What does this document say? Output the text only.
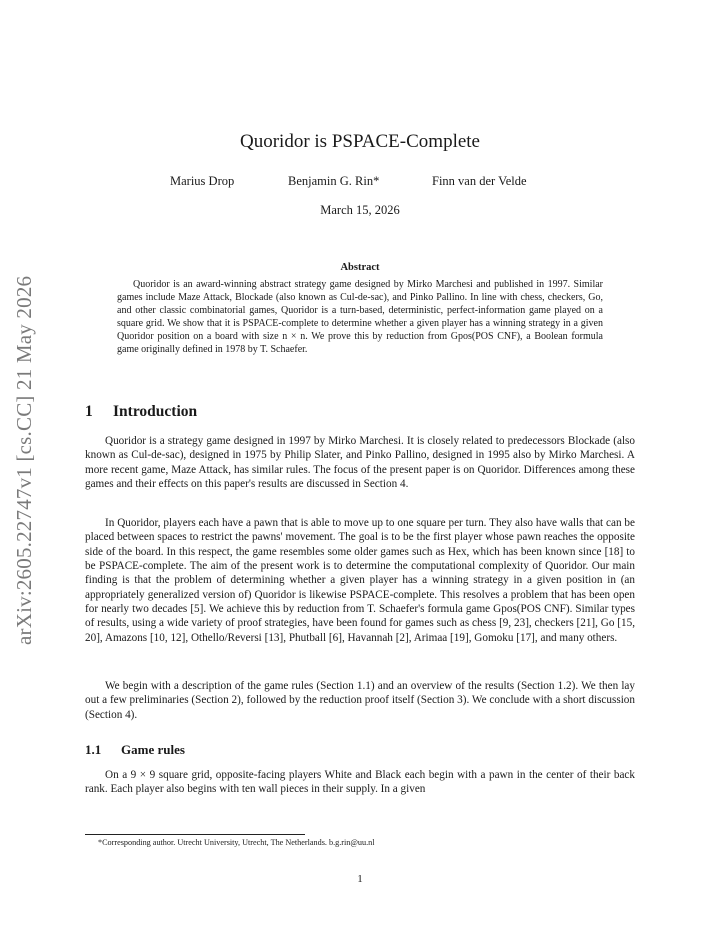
arXiv:2605.22747v1 [cs.CC] 21 May 2026
Quoridor is PSPACE-Complete
Marius Drop	Benjamin G. Rin*	Finn van der Velde
March 15, 2026
Abstract

Quoridor is an award-winning abstract strategy game designed by Mirko Marchesi and published in 1997. Similar games include Maze Attack, Blockade (also known as Cul-de-sac), and Pinko Pallino. In line with chess, checkers, Go, and other classic combinatorial games, Quoridor is a turn-based, deterministic, perfect-information game played on a square grid. We show that it is PSPACE-complete to determine whether a given player has a winning strategy in a given Quoridor position on a board with size n × n. We prove this by reduction from Gpos(POS CNF), a Boolean formula game originally defined in 1978 by T. Schaefer.

1 Introduction

Quoridor is a strategy game designed in 1997 by Mirko Marchesi. It is closely related to predecessors Blockade (also known as Cul-de-sac), designed in 1975 by Philip Slater, and Pinko Pallino, designed in 1995 also by Mirko Marchesi. A more recent game, Maze Attack, has similar rules. The focus of the present paper is on Quoridor. Differences among these games and their effects on this paper's results are discussed in Section 4.

In Quoridor, players each have a pawn that is able to move up to one square per turn. They also have walls that can be placed between spaces to restrict the pawns' movement. The goal is to be the first player whose pawn reaches the opposite side of the board. In this respect, the game resembles some older games such as Hex, which has been known since [18] to be PSPACE-complete. The aim of the present work is to determine the computational complexity of Quoridor. Our main finding is that the problem of determining whether a given player has a winning strategy in a given position in (an appropriately generalized version of) Quoridor is likewise PSPACE-complete. This resolves a problem that has been open for nearly two decades [5]. We achieve this by reduction from T. Schaefer's formula game Gpos(POS CNF). Similar types of results, using a wide variety of proof strategies, have been found for games such as chess [9, 23], checkers [21], Go [15, 20], Amazons [10, 12], Othello/Reversi [13], Phutball [6], Havannah [2], Arimaa [19], Gomoku [17], and many others.

We begin with a description of the game rules (Section 1.1) and an overview of the results (Section 1.2). We then lay out a few preliminaries (Section 2), followed by the reduction proof itself (Section 3). We conclude with a short discussion (Section 4).

1.1 Game rules

On a 9 × 9 square grid, opposite-facing players White and Black each begin with a pawn in the center of their back rank. Each player also begins with ten wall pieces in their supply. In a given

*Corresponding author. Utrecht University, Utrecht, The Netherlands. b.g.rin@uu.nl
1
